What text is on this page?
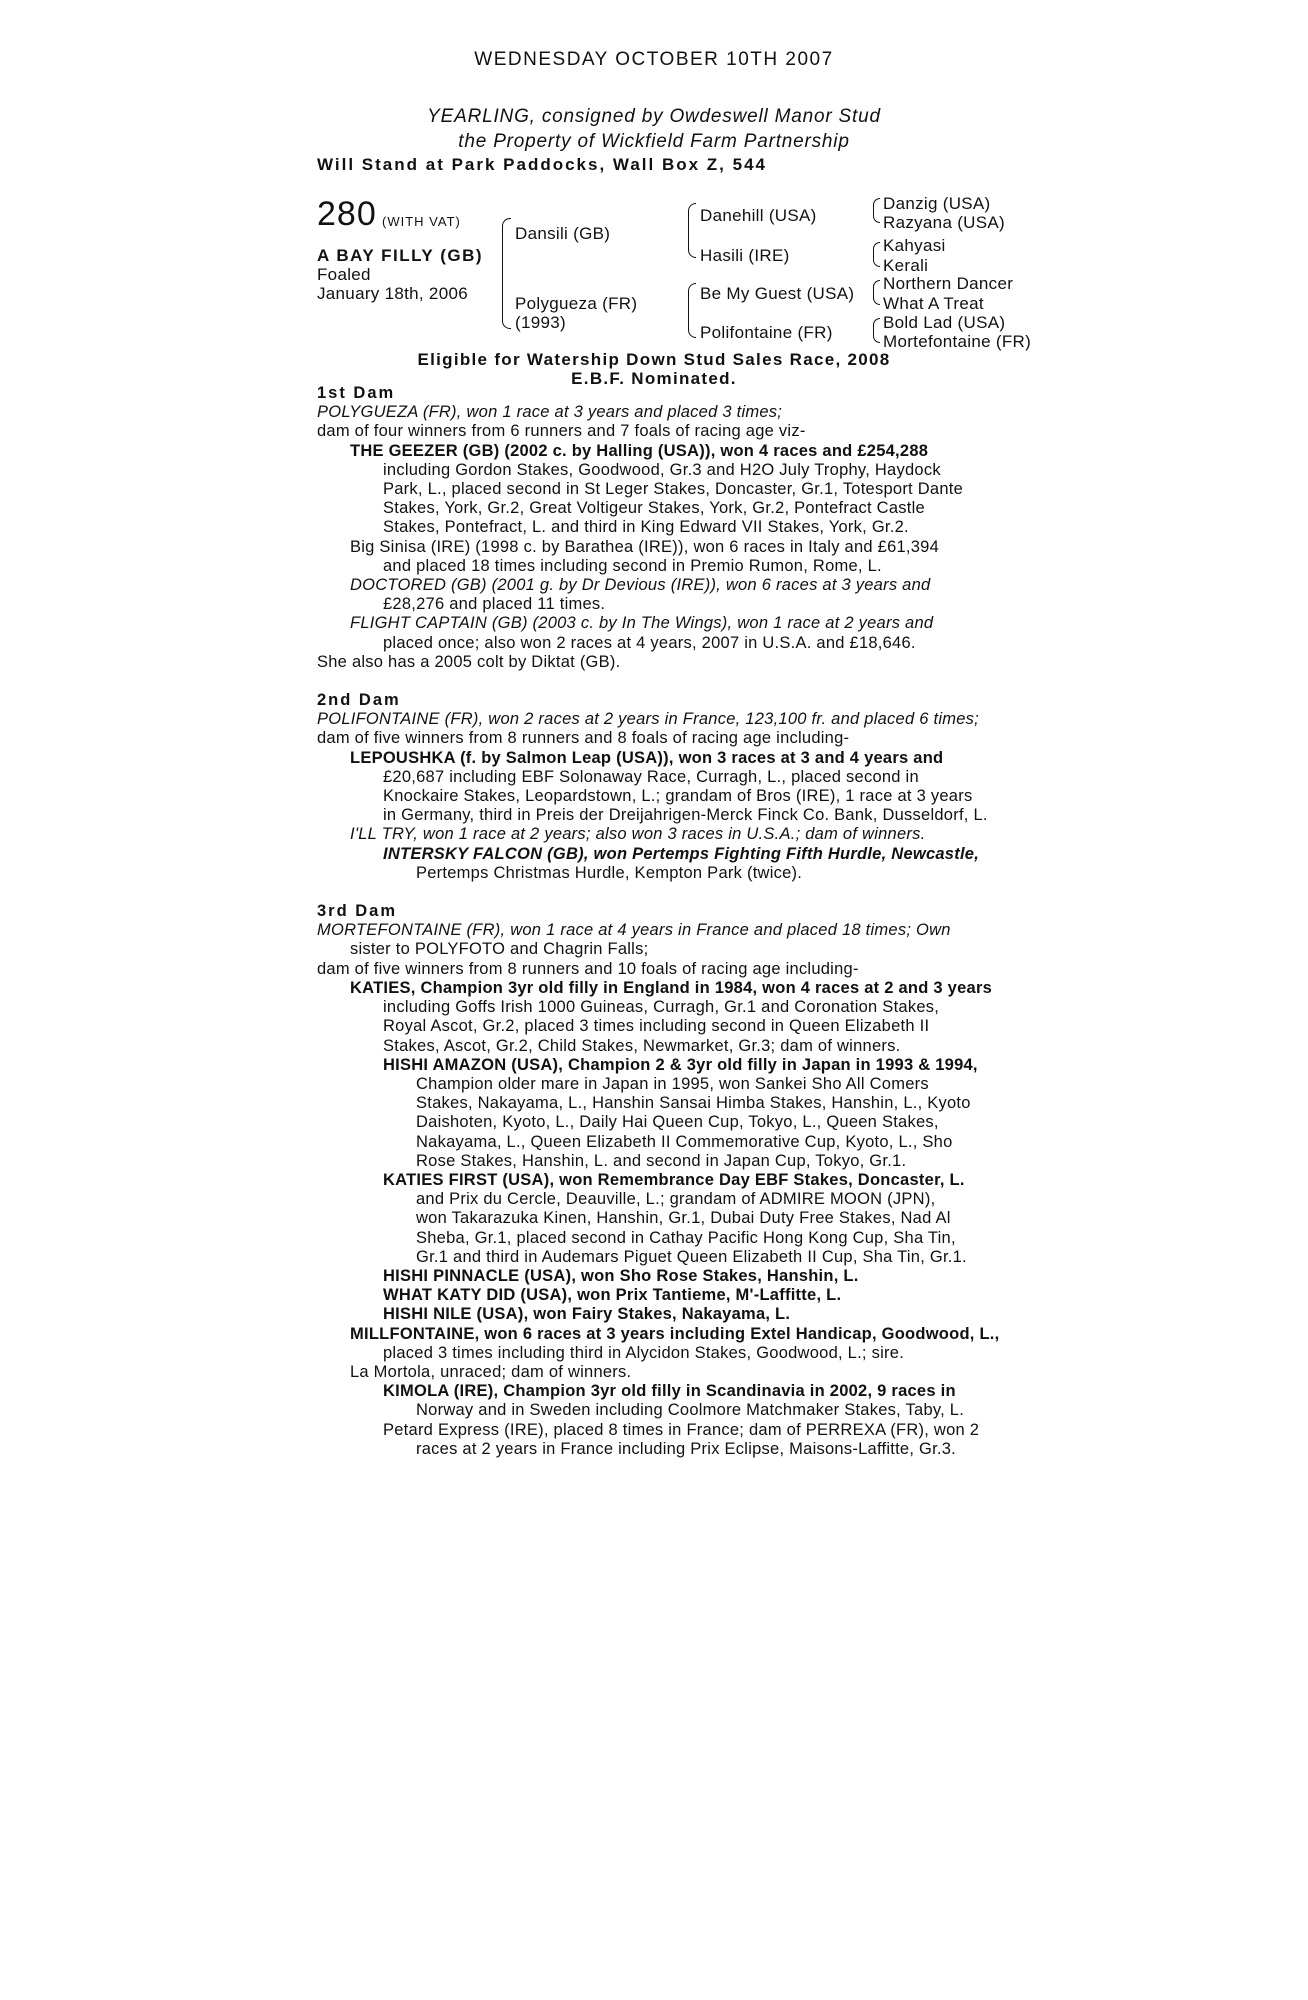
WEDNESDAY OCTOBER 10TH 2007
YEARLING, consigned by Owdeswell Manor Stud
the Property of Wickfield Farm Partnership
Will Stand at Park Paddocks, Wall Box Z, 544
280 (WITH VAT)
A BAY FILLY (GB)
Foaled
January 18th, 2006
Dansili (GB)
Polygueza (FR)
(1993)
Danehill (USA)
Hasili (IRE)
Be My Guest (USA)
Polifontaine (FR)
Danzig (USA)
Razyana (USA)
Kahyasi
Kerali
Northern Dancer
What A Treat
Bold Lad (USA)
Mortefontaine (FR)
Eligible for Watership Down Stud Sales Race, 2008
E.B.F. Nominated.
1st Dam
POLYGUEZA (FR), won 1 race at 3 years and placed 3 times;
dam of four winners from 6 runners and 7 foals of racing age viz-
THE GEEZER (GB) (2002 c. by Halling (USA)), won 4 races and £254,288
including Gordon Stakes, Goodwood, Gr.3 and H2O July Trophy, Haydock
Park, L., placed second in St Leger Stakes, Doncaster, Gr.1, Totesport Dante
Stakes, York, Gr.2, Great Voltigeur Stakes, York, Gr.2, Pontefract Castle
Stakes, Pontefract, L. and third in King Edward VII Stakes, York, Gr.2.
Big Sinisa (IRE) (1998 c. by Barathea (IRE)), won 6 races in Italy and £61,394
and placed 18 times including second in Premio Rumon, Rome, L.
DOCTORED (GB) (2001 g. by Dr Devious (IRE)), won 6 races at 3 years and
£28,276 and placed 11 times.
FLIGHT CAPTAIN (GB) (2003 c. by In The Wings), won 1 race at 2 years and
placed once; also won 2 races at 4 years, 2007 in U.S.A. and £18,646.
She also has a 2005 colt by Diktat (GB).
2nd Dam
POLIFONTAINE (FR), won 2 races at 2 years in France, 123,100 fr. and placed 6 times;
dam of five winners from 8 runners and 8 foals of racing age including-
LEPOUSHKA (f. by Salmon Leap (USA)), won 3 races at 3 and 4 years and
£20,687 including EBF Solonaway Race, Curragh, L., placed second in
Knockaire Stakes, Leopardstown, L.; grandam of Bros (IRE), 1 race at 3 years
in Germany, third in Preis der Dreijahrigen-Merck Finck Co. Bank, Dusseldorf, L.
I'LL TRY, won 1 race at 2 years; also won 3 races in U.S.A.; dam of winners.
INTERSKY FALCON (GB), won Pertemps Fighting Fifth Hurdle, Newcastle,
Pertemps Christmas Hurdle, Kempton Park (twice).
3rd Dam
MORTEFONTAINE (FR), won 1 race at 4 years in France and placed 18 times; Own
sister to POLYFOTO and Chagrin Falls;
dam of five winners from 8 runners and 10 foals of racing age including-
KATIES, Champion 3yr old filly in England in 1984, won 4 races at 2 and 3 years
including Goffs Irish 1000 Guineas, Curragh, Gr.1 and Coronation Stakes,
Royal Ascot, Gr.2, placed 3 times including second in Queen Elizabeth II
Stakes, Ascot, Gr.2, Child Stakes, Newmarket, Gr.3; dam of winners.
HISHI AMAZON (USA), Champion 2 & 3yr old filly in Japan in 1993 & 1994,
Champion older mare in Japan in 1995, won Sankei Sho All Comers
Stakes, Nakayama, L., Hanshin Sansai Himba Stakes, Hanshin, L., Kyoto
Daishoten, Kyoto, L., Daily Hai Queen Cup, Tokyo, L., Queen Stakes,
Nakayama, L., Queen Elizabeth II Commemorative Cup, Kyoto, L., Sho
Rose Stakes, Hanshin, L. and second in Japan Cup, Tokyo, Gr.1.
KATIES FIRST (USA), won Remembrance Day EBF Stakes, Doncaster, L.
and Prix du Cercle, Deauville, L.; grandam of ADMIRE MOON (JPN),
won Takarazuka Kinen, Hanshin, Gr.1, Dubai Duty Free Stakes, Nad Al
Sheba, Gr.1, placed second in Cathay Pacific Hong Kong Cup, Sha Tin,
Gr.1 and third in Audemars Piguet Queen Elizabeth II Cup, Sha Tin, Gr.1.
HISHI PINNACLE (USA), won Sho Rose Stakes, Hanshin, L.
WHAT KATY DID (USA), won Prix Tantieme, M'-Laffitte, L.
HISHI NILE (USA), won Fairy Stakes, Nakayama, L.
MILLFONTAINE, won 6 races at 3 years including Extel Handicap, Goodwood, L.,
placed 3 times including third in Alycidon Stakes, Goodwood, L.; sire.
La Mortola, unraced; dam of winners.
KIMOLA (IRE), Champion 3yr old filly in Scandinavia in 2002, 9 races in
Norway and in Sweden including Coolmore Matchmaker Stakes, Taby, L.
Petard Express (IRE), placed 8 times in France; dam of PERREXA (FR), won 2
races at 2 years in France including Prix Eclipse, Maisons-Laffitte, Gr.3.
